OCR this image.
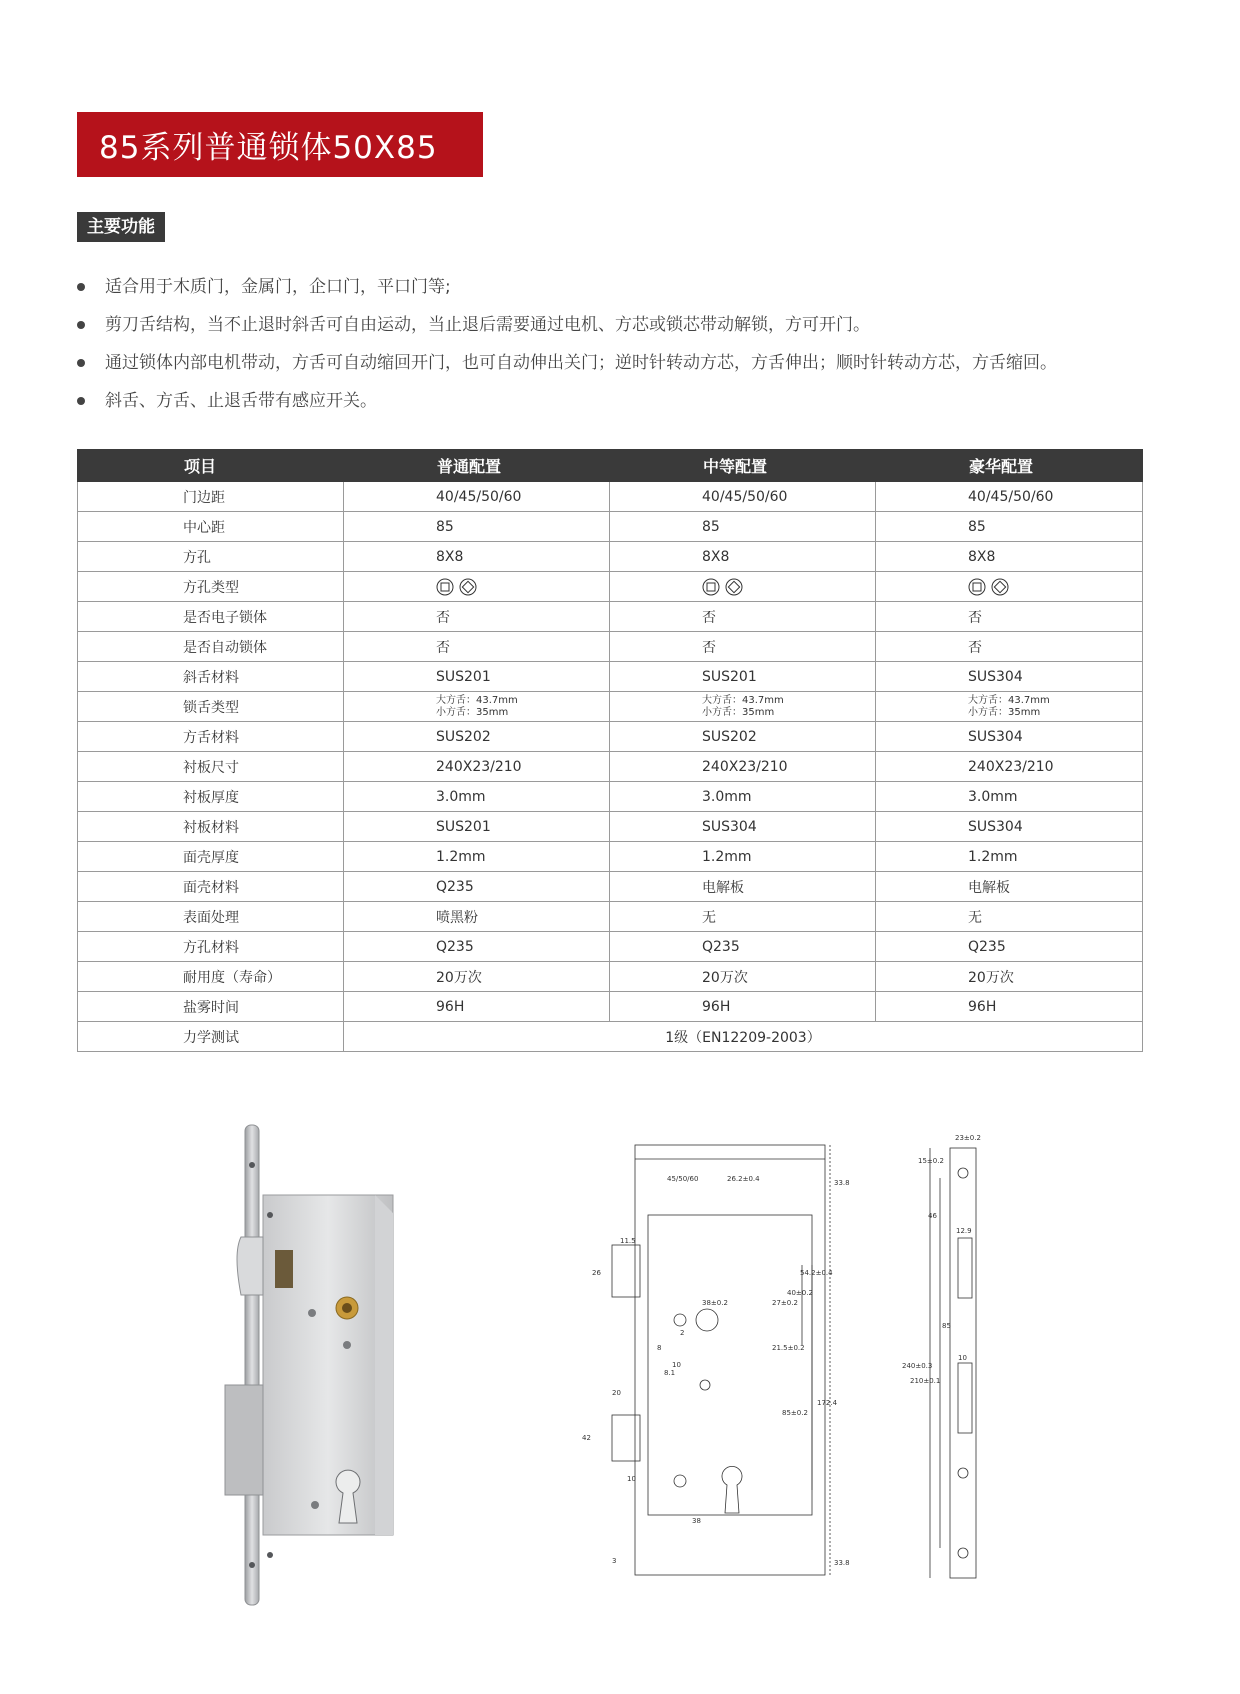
85系列普通锁体50X85
主要功能
适合用于木质门，金属门，企口门，平口门等;
剪刀舌结构，当不止退时斜舌可自由运动，当止退后需要通过电机、方芯或锁芯带动解锁，方可开门。
通过锁体内部电机带动，方舌可自动缩回开门，也可自动伸出关门；逆时针转动方芯，方舌伸出；顺时针转动方芯，方舌缩回。
斜舌、方舌、止退舌带有感应开关。
项目	普通配置	中等配置	豪华配置
门边距	40/45/50/60	40/45/50/60	40/45/50/60
中心距	85	85	85
方孔	8X8	8X8	8X8
方孔类型	

是否电子锁体	否	否	否
是否自动锁体	否	否	否
斜舌材料	SUS201	SUS201	SUS304
锁舌类型	大方舌：43.7mm
小方舌：35mm	大方舌：43.7mm
小方舌：35mm	大方舌：43.7mm
小方舌：35mm

方舌材料	SUS202	SUS202	SUS304
衬板尺寸	240X23/210	240X23/210	240X23/210
衬板厚度	3.0mm	3.0mm	3.0mm
衬板材料	SUS201	SUS304	SUS304
面壳厚度	1.2mm	1.2mm	1.2mm
面壳材料	Q235	电解板	电解板
表面处理	喷黑粉	无	无
方孔材料	Q235	Q235	Q235
耐用度（寿命）	20万次	20万次	20万次
盐雾时间	96H	96H	96H
力学测试	1级（EN12209-2003）		
45/50/60	26.2±0.4	33.8
11.5
26
38±0.2	27±0.2
40±0.2
54.2±0.4
21.5±0.2
85±0.2
172.4
20
42
10
38
33.8
3
8
2
8.1
10
23±0.2
15±0.2
46
12.9
85
240±0.3
210±0.1
10
